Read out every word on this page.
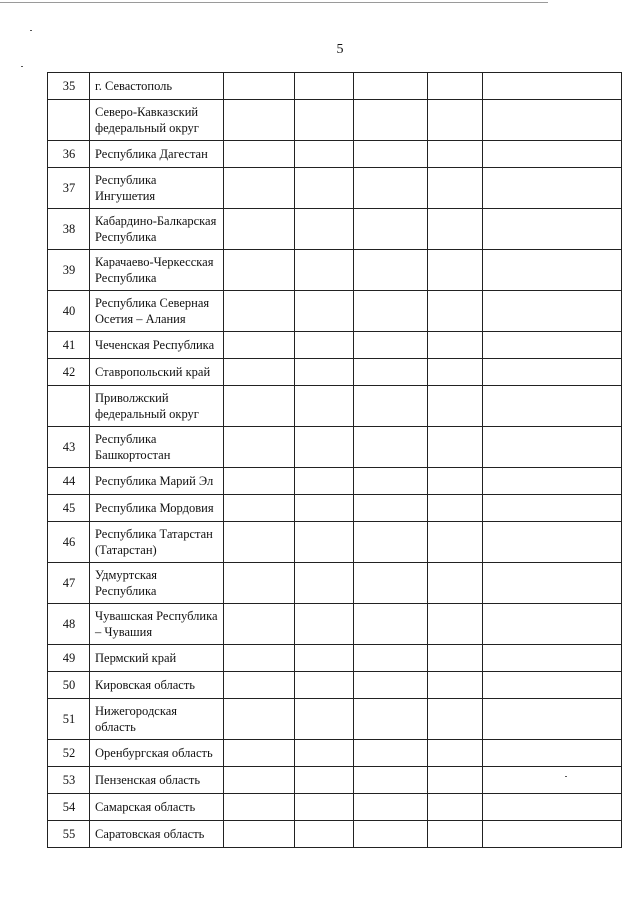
5
35	г. Севастополь					
	Северо-Кавказский федеральный округ					
36	Республика Дагестан					
37	Республика Ингушетия					
38	Кабардино-Балкарская Республика					
39	Карачаево-Черкесская Республика					
40	Республика Северная Осетия – Алания					
41	Чеченская Республика					
42	Ставропольский край					
	Приволжский федеральный округ					
43	Республика Башкортостан					
44	Республика Марий Эл					
45	Республика Мордовия					
46	Республика Татарстан (Татарстан)					
47	Удмуртская Республика					
48	Чувашская Республика – Чувашия					
49	Пермский край					
50	Кировская область					
51	Нижегородская область					
52	Оренбургская область					
53	Пензенская область					
54	Самарская область					
55	Саратовская область					
